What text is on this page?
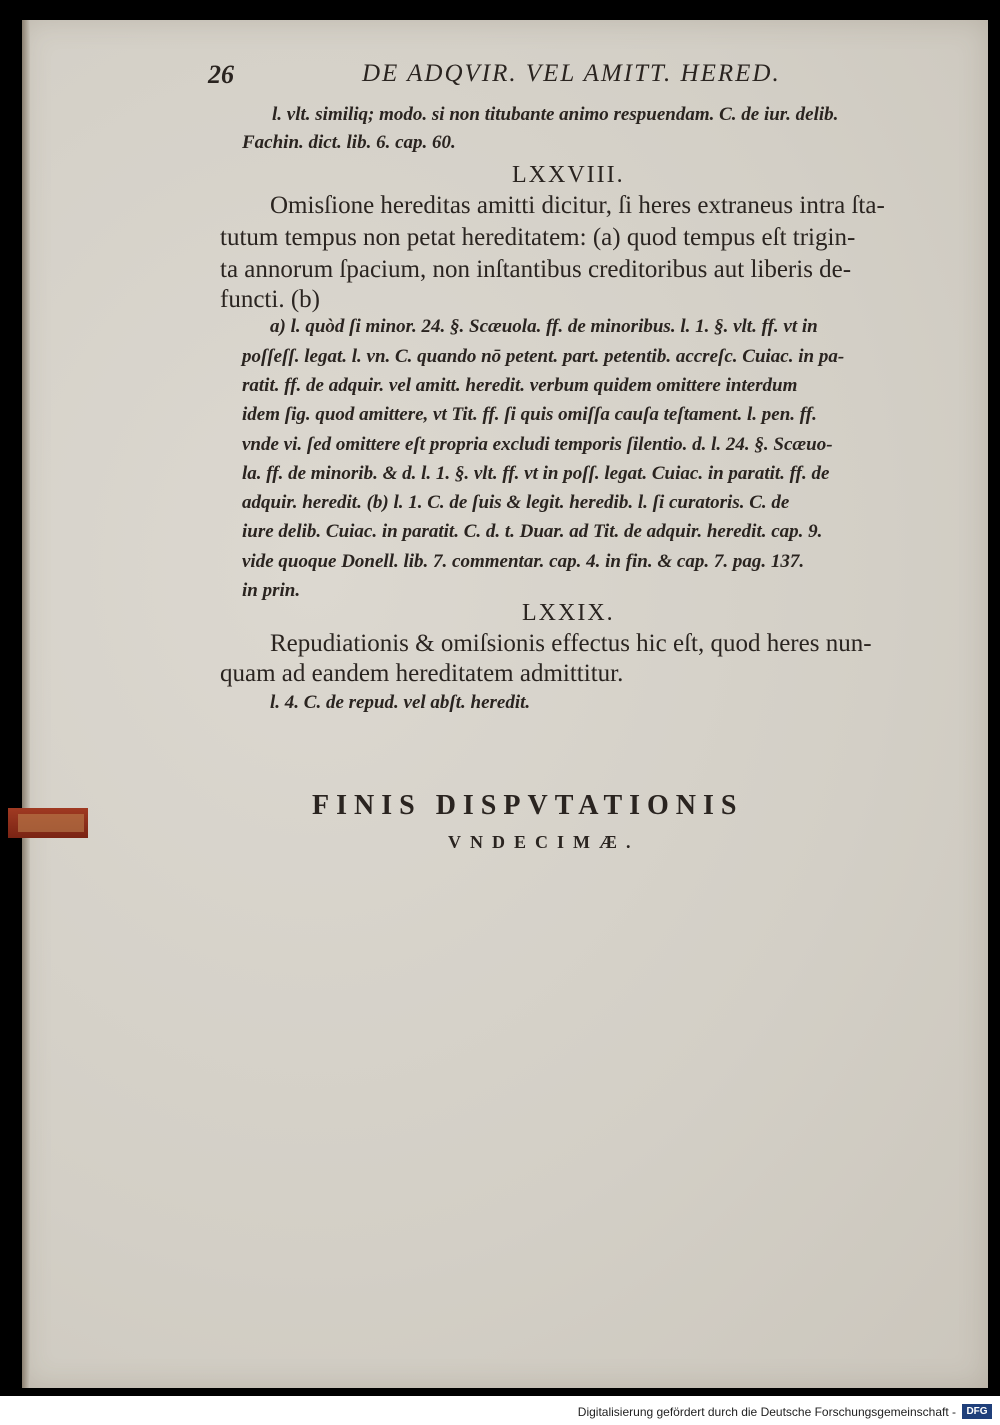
26	DE ADQVIR. VEL AMITT. HERED.
l. vlt. similiq; modo. si non titubante animo respuendam. C. de iur. delib.
Fachin. dict. lib. 6. cap. 60.
LXXVIII.
Omisſione hereditas amitti dicitur, ſi heres extraneus intra ſta-
tutum tempus non petat hereditatem: (a) quod tempus eſt trigin-
ta annorum ſpacium, non inſtantibus creditoribus aut liberis de-
functi. (b)
a) l. quòd ſi minor. 24. §. Scæuola. ff. de minoribus. l. 1. §. vlt. ff. vt in
poſſeſſ. legat. l. vn. C. quando nō petent. part. petentib. accreſc. Cuiac. in pa-
ratit. ff. de adquir. vel amitt. heredit. verbum quidem omittere interdum
idem ſig. quod amittere, vt Tit. ff. ſi quis omiſſa cauſa teſtament. l. pen. ff.
vnde vi. ſed omittere eſt propria excludi temporis ſilentio. d. l. 24. §. Scæuo-
la. ff. de minorib. & d. l. 1. §. vlt. ff. vt in poſſ. legat. Cuiac. in paratit. ff. de
adquir. heredit. (b) l. 1. C. de ſuis & legit. heredib. l. ſi curatoris. C. de
iure delib. Cuiac. in paratit. C. d. t. Duar. ad Tit. de adquir. heredit. cap. 9.
vide quoque Donell. lib. 7. commentar. cap. 4. in fin. & cap. 7. pag. 137.
in prin.
LXXIX.
Repudiationis & omiſsionis effectus hic eſt, quod heres nun-
quam ad eandem hereditatem admittitur.
l. 4. C. de repud. vel abſt. heredit.
FINIS DISPVTATIONIS
VNDECIMÆ.
Digitalisierung gefördert durch die Deutsche Forschungsgemeinschaft -	DFG
